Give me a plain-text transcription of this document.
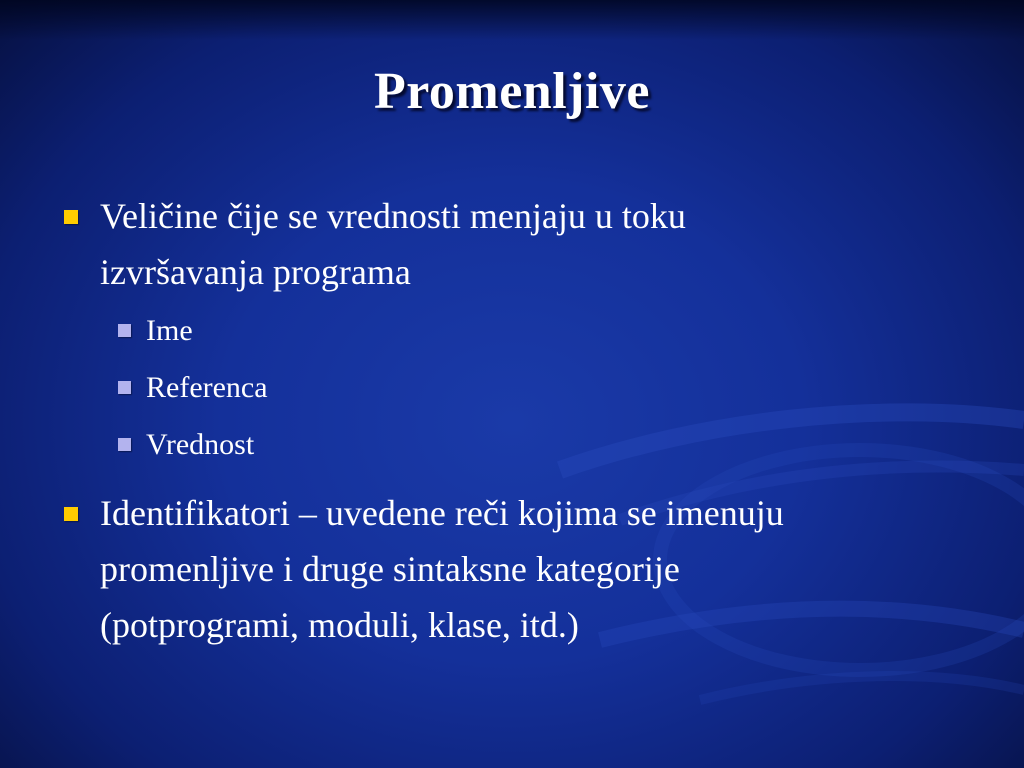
Promenljive
Veličine čije se vrednosti menjaju u toku
izvršavanja programa
Ime
Referenca
Vrednost
Identifikatori – uvedene reči kojima se imenuju
promenljive i druge sintaksne kategorije
(potprogrami, moduli, klase, itd.)
